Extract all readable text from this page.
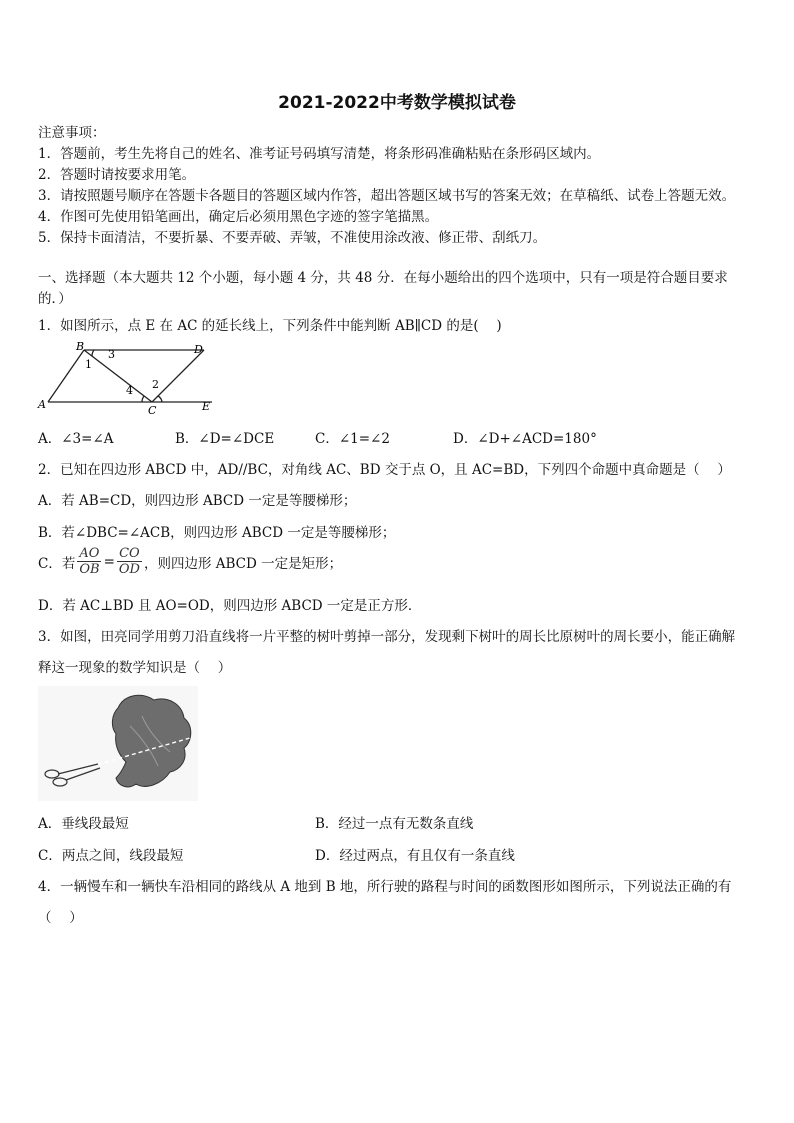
2021-2022中考数学模拟试卷
注意事项：
1．答题前，考生先将自己的姓名、准考证号码填写清楚，将条形码准确粘贴在条形码区域内。
2．答题时请按要求用笔。
3．请按照题号顺序在答题卡各题目的答题区域内作答，超出答题区域书写的答案无效；在草稿纸、试卷上答题无效。
4．作图可先使用铅笔画出，确定后必须用黑色字迹的签字笔描黑。
5．保持卡面清洁，不要折暴、不要弄破、弄皱，不准使用涂改液、修正带、刮纸刀。
一、选择题（本大题共 12 个小题，每小题 4 分，共 48 分．在每小题给出的四个选项中，只有一项是符合题目要求
的．）
1．如图所示，点 E 在 AC 的延长线上，下列条件中能判断 AB∥CD 的是(　 )
A
B
C
D
E
1
2
3
4
A．∠3=∠A	B．∠D=∠DCE	C．∠1=∠2	D．∠D+∠ACD=180°
2．已知在四边形 ABCD 中，AD//BC，对角线 AC、BD 交于点 O，且 AC=BD，下列四个命题中真命题是（　 ）
A．若 AB=CD，则四边形 ABCD 一定是等腰梯形；
B．若∠DBC=∠ACB，则四边形 ABCD 一定是等腰梯形；
C．若 $\frac{AO}{OB} = \frac{CO}{OD}$ ，则四边形 ABCD 一定是矩形；
D．若 AC⊥BD 且 AO=OD，则四边形 ABCD 一定是正方形．
3．如图，田亮同学用剪刀沿直线将一片平整的树叶剪掉一部分，发现剩下树叶的周长比原树叶的周长要小，能正确解
释这一现象的数学知识是（　 ）
A．垂线段最短	B．经过一点有无数条直线
C．两点之间，线段最短	D．经过两点，有且仅有一条直线
4．一辆慢车和一辆快车沿相同的路线从 A 地到 B 地，所行驶的路程与时间的函数图形如图所示，下列说法正确的有
（　 ）
